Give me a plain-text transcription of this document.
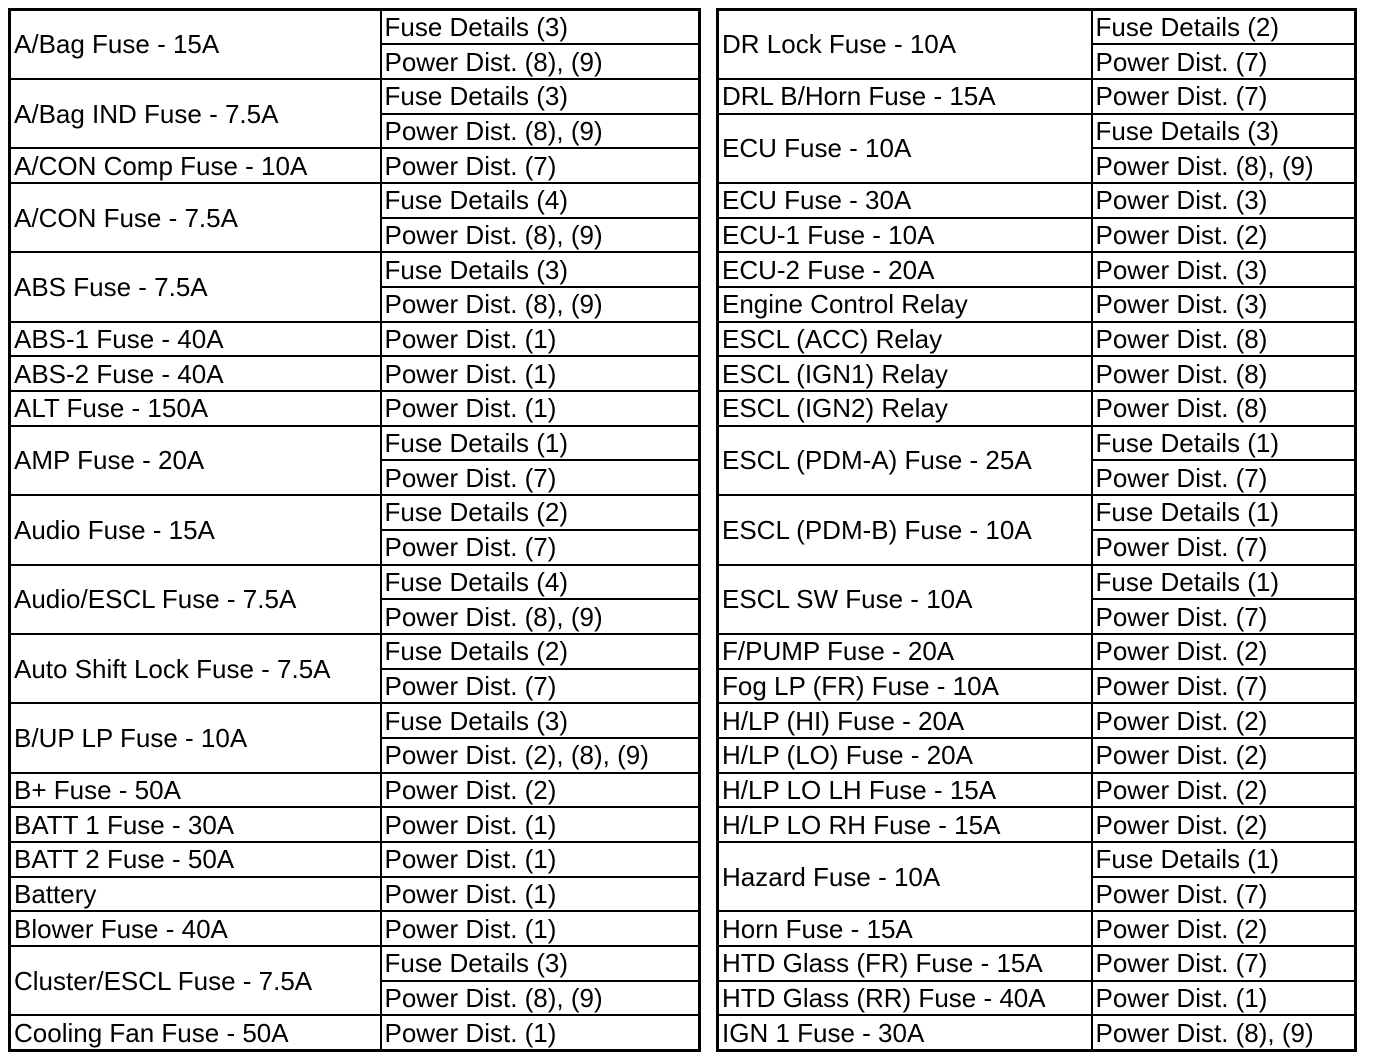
A/Bag Fuse - 15A	Fuse Details (3)
	Power Dist. (8), (9)
A/Bag IND Fuse - 7.5A	Fuse Details (3)
	Power Dist. (8), (9)
A/CON Comp Fuse - 10A	Power Dist. (7)
A/CON Fuse - 7.5A	Fuse Details (4)
	Power Dist. (8), (9)
ABS Fuse - 7.5A	Fuse Details (3)
	Power Dist. (8), (9)
ABS-1 Fuse - 40A	Power Dist. (1)
ABS-2 Fuse - 40A	Power Dist. (1)
ALT Fuse - 150A	Power Dist. (1)
AMP Fuse - 20A	Fuse Details (1)
	Power Dist. (7)
Audio Fuse - 15A	Fuse Details (2)
	Power Dist. (7)
Audio/ESCL Fuse - 7.5A	Fuse Details (4)
	Power Dist. (8), (9)
Auto Shift Lock Fuse - 7.5A	Fuse Details (2)
	Power Dist. (7)
B/UP LP Fuse - 10A	Fuse Details (3)
	Power Dist. (2), (8), (9)
B+ Fuse - 50A	Power Dist. (2)
BATT 1 Fuse - 30A	Power Dist. (1)
BATT 2 Fuse - 50A	Power Dist. (1)
Battery	Power Dist. (1)
Blower Fuse - 40A	Power Dist. (1)
Cluster/ESCL Fuse - 7.5A	Fuse Details (3)
	Power Dist. (8), (9)
Cooling Fan Fuse - 50A	Power Dist. (1)
DR Lock Fuse - 10A	Fuse Details (2)
	Power Dist. (7)
DRL B/Horn Fuse - 15A	Power Dist. (7)
ECU Fuse - 10A	Fuse Details (3)
	Power Dist. (8), (9)
ECU Fuse - 30A	Power Dist. (3)
ECU-1 Fuse - 10A	Power Dist. (2)
ECU-2 Fuse - 20A	Power Dist. (3)
Engine Control Relay	Power Dist. (3)
ESCL (ACC) Relay	Power Dist. (8)
ESCL (IGN1) Relay	Power Dist. (8)
ESCL (IGN2) Relay	Power Dist. (8)
ESCL (PDM-A) Fuse - 25A	Fuse Details (1)
	Power Dist. (7)
ESCL (PDM-B) Fuse - 10A	Fuse Details (1)
	Power Dist. (7)
ESCL SW Fuse - 10A	Fuse Details (1)
	Power Dist. (7)
F/PUMP Fuse - 20A	Power Dist. (2)
Fog LP (FR) Fuse - 10A	Power Dist. (7)
H/LP (HI) Fuse - 20A	Power Dist. (2)
H/LP (LO) Fuse - 20A	Power Dist. (2)
H/LP LO LH Fuse - 15A	Power Dist. (2)
H/LP LO RH Fuse - 15A	Power Dist. (2)
Hazard Fuse - 10A	Fuse Details (1)
	Power Dist. (7)
Horn Fuse - 15A	Power Dist. (2)
HTD Glass (FR) Fuse - 15A	Power Dist. (7)
HTD Glass (RR) Fuse - 40A	Power Dist. (1)
IGN 1 Fuse - 30A	Power Dist. (8), (9)
